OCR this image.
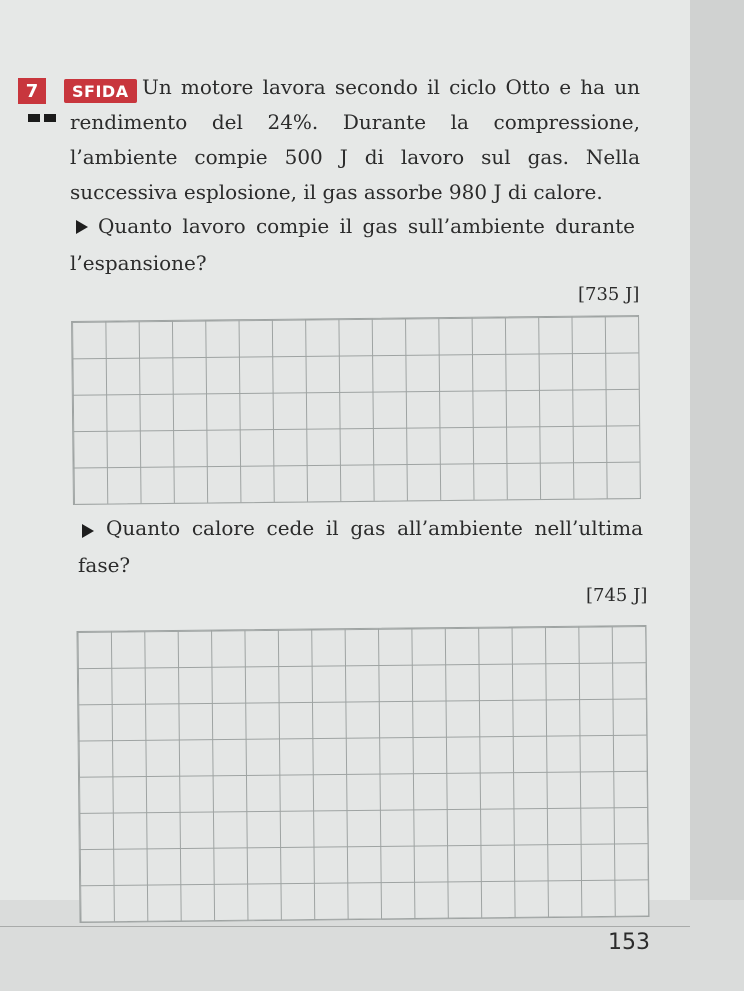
7	Un motore lavora secondo il ciclo Otto e ha un rendimento del 24%. Durante la compressione, l’ambiente compie 500 J di lavoro sul gas. Nella successiva esplosione, il gas assorbe 980 J di calore.
SFIDA
Quanto lavoro compie il gas sull’ambiente durante l’espansione?
[735 J]
Quanto calore cede il gas all’ambiente nell’ultima fase?
[745 J]
153
